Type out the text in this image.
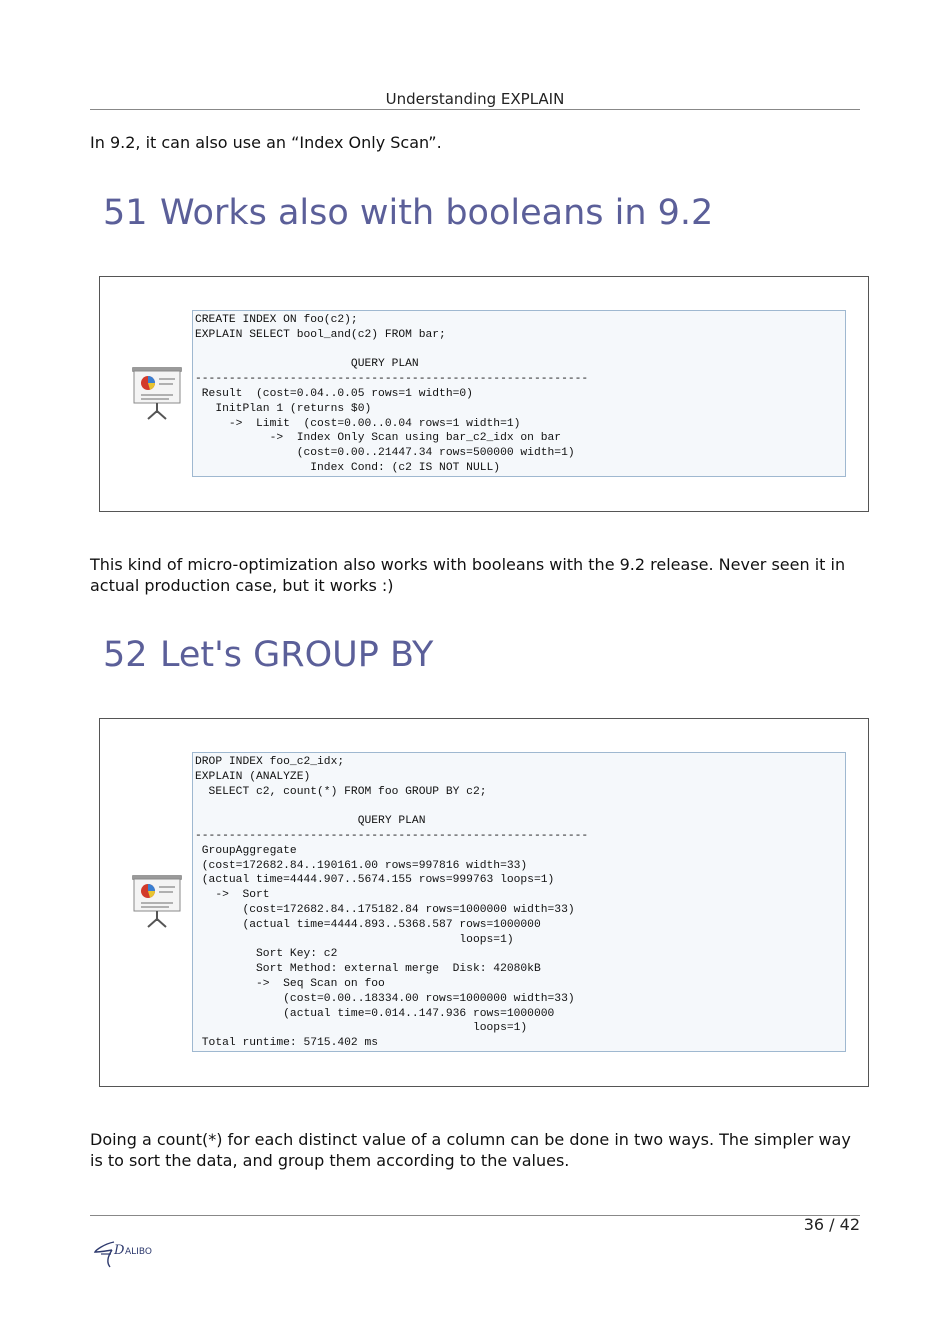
Understanding EXPLAIN

In 9.2, it can also use an “Index Only Scan”.

51 Works also with booleans in 9.2
CREATE INDEX ON foo(c2);
EXPLAIN SELECT bool_and(c2) FROM bar;

QUERY PLAN
----------------------------------------------------------
Result  (cost=0.04..0.05 rows=1 width=0)
InitPlan 1 (returns $0)
->  Limit  (cost=0.00..0.04 rows=1 width=1)
->  Index Only Scan using bar_c2_idx on bar
(cost=0.00..21447.34 rows=500000 width=1)
Index Cond: (c2 IS NOT NULL)

This kind of micro-optimization also works with booleans with the 9.2 release. Never seen it in actual production case, but it works :)

52 Let's GROUP BY
DROP INDEX foo_c2_idx;
EXPLAIN (ANALYZE)
SELECT c2, count(*) FROM foo GROUP BY c2;

QUERY PLAN
----------------------------------------------------------
GroupAggregate
(cost=172682.84..190161.00 rows=997816 width=33)
(actual time=4444.907..5674.155 rows=999763 loops=1)
->  Sort
(cost=172682.84..175182.84 rows=1000000 width=33)
(actual time=4444.893..5368.587 rows=1000000
loops=1)
Sort Key: c2
Sort Method: external merge  Disk: 42080kB
->  Seq Scan on foo
(cost=0.00..18334.00 rows=1000000 width=33)
(actual time=0.014..147.936 rows=1000000
loops=1)
Total runtime: 5715.402 ms

Doing a count(*) for each distinct value of a column can be done in two ways. The simpler way is to sort the data, and group them according to the values.

36 / 42
D ALIBO
